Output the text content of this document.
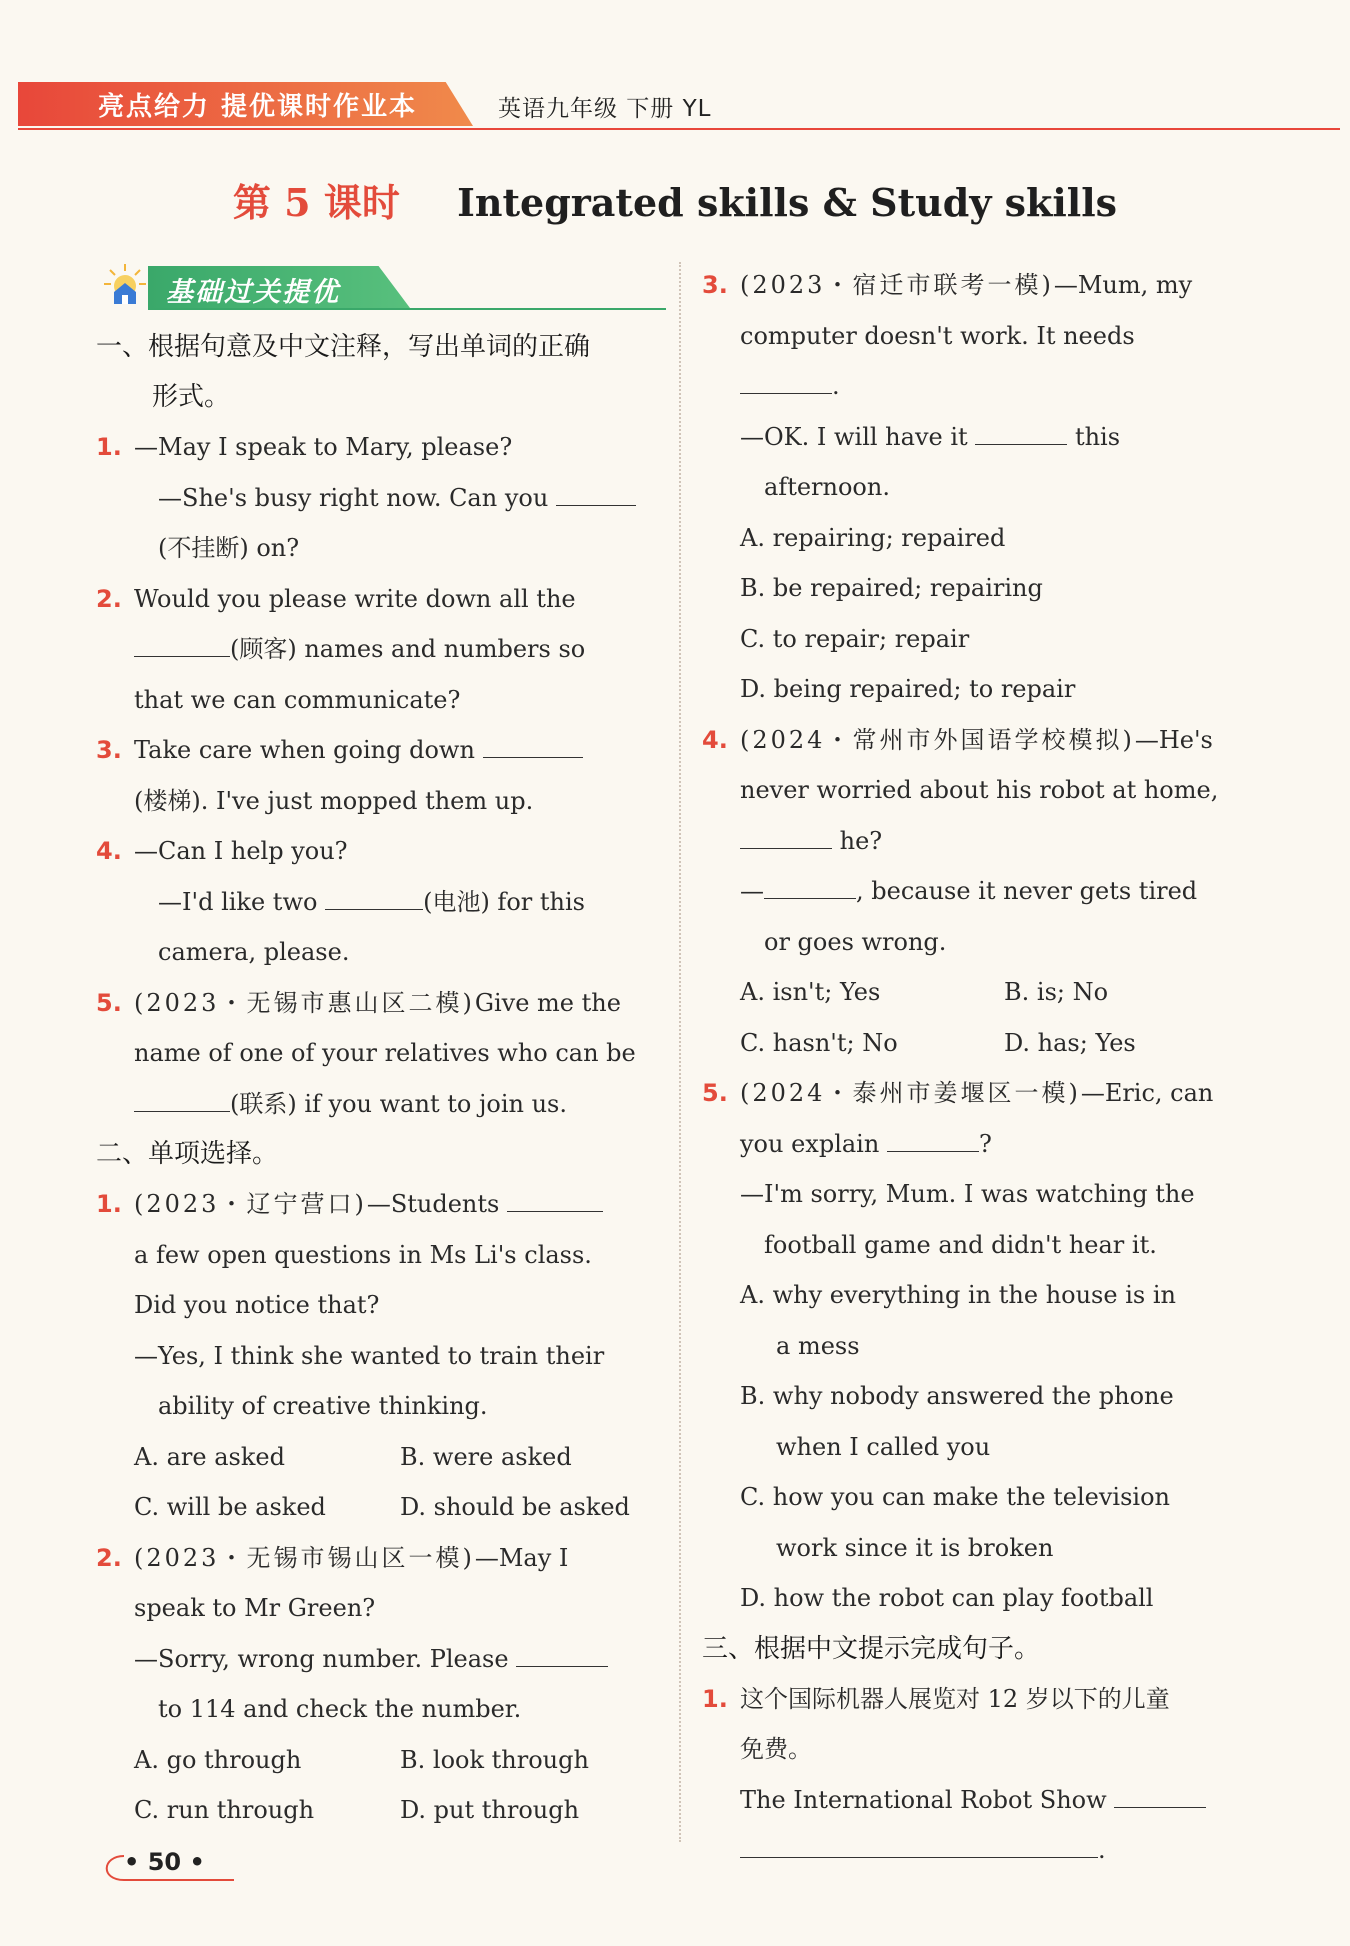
亮点给力 提优课时作业本	英语九年级 下册 YL
第 5 课时 Integrated skills & Study skills
基础过关提优
一、根据句意及中文注释，写出单词的正确
形式。
1. —May I speak to Mary, please?
—She's busy right now. Can you
(不挂断) on?
2. Would you please write down all the
(顾客) names and numbers so
that we can communicate?
3. Take care when going down
(楼梯). I've just mopped them up.
4. —Can I help you?
—I'd like two	(电池) for this
camera, please.
5. (2023・无锡市惠山区二模)Give me the
name of one of your relatives who can be
(联系) if you want to join us.
二、单项选择。
1. (2023・辽宁营口)—Students
a few open questions in Ms Li's class.
Did you notice that?
—Yes, I think she wanted to train their
ability of creative thinking.
A. are asked	B. were asked
C. will be asked	D. should be asked
2. (2023・无锡市锡山区一模)—May I
speak to Mr Green?
—Sorry, wrong number. Please
to 114 and check the number.
A. go through	B. look through
C. run through	D. put through
3. (2023・宿迁市联考一模)—Mum, my
computer doesn't work. It needs
.
—OK. I will have it	this
afternoon.
A. repairing; repaired
B. be repaired; repairing
C. to repair; repair
D. being repaired; to repair
4. (2024・常州市外国语学校模拟)—He's
never worried about his robot at home,
he?
—	, because it never gets tired
or goes wrong.
A. isn't; Yes	B. is; No
C. hasn't; No	D. has; Yes
5. (2024・泰州市姜堰区一模)—Eric, can
you explain	?
—I'm sorry, Mum. I was watching the
football game and didn't hear it.
A. why everything in the house is in
a mess
B. why nobody answered the phone
when I called you
C. how you can make the television
work since it is broken
D. how the robot can play football
三、根据中文提示完成句子。
1. 这个国际机器人展览对 12 岁以下的儿童
免费。
The International Robot Show
.
• 50 •
